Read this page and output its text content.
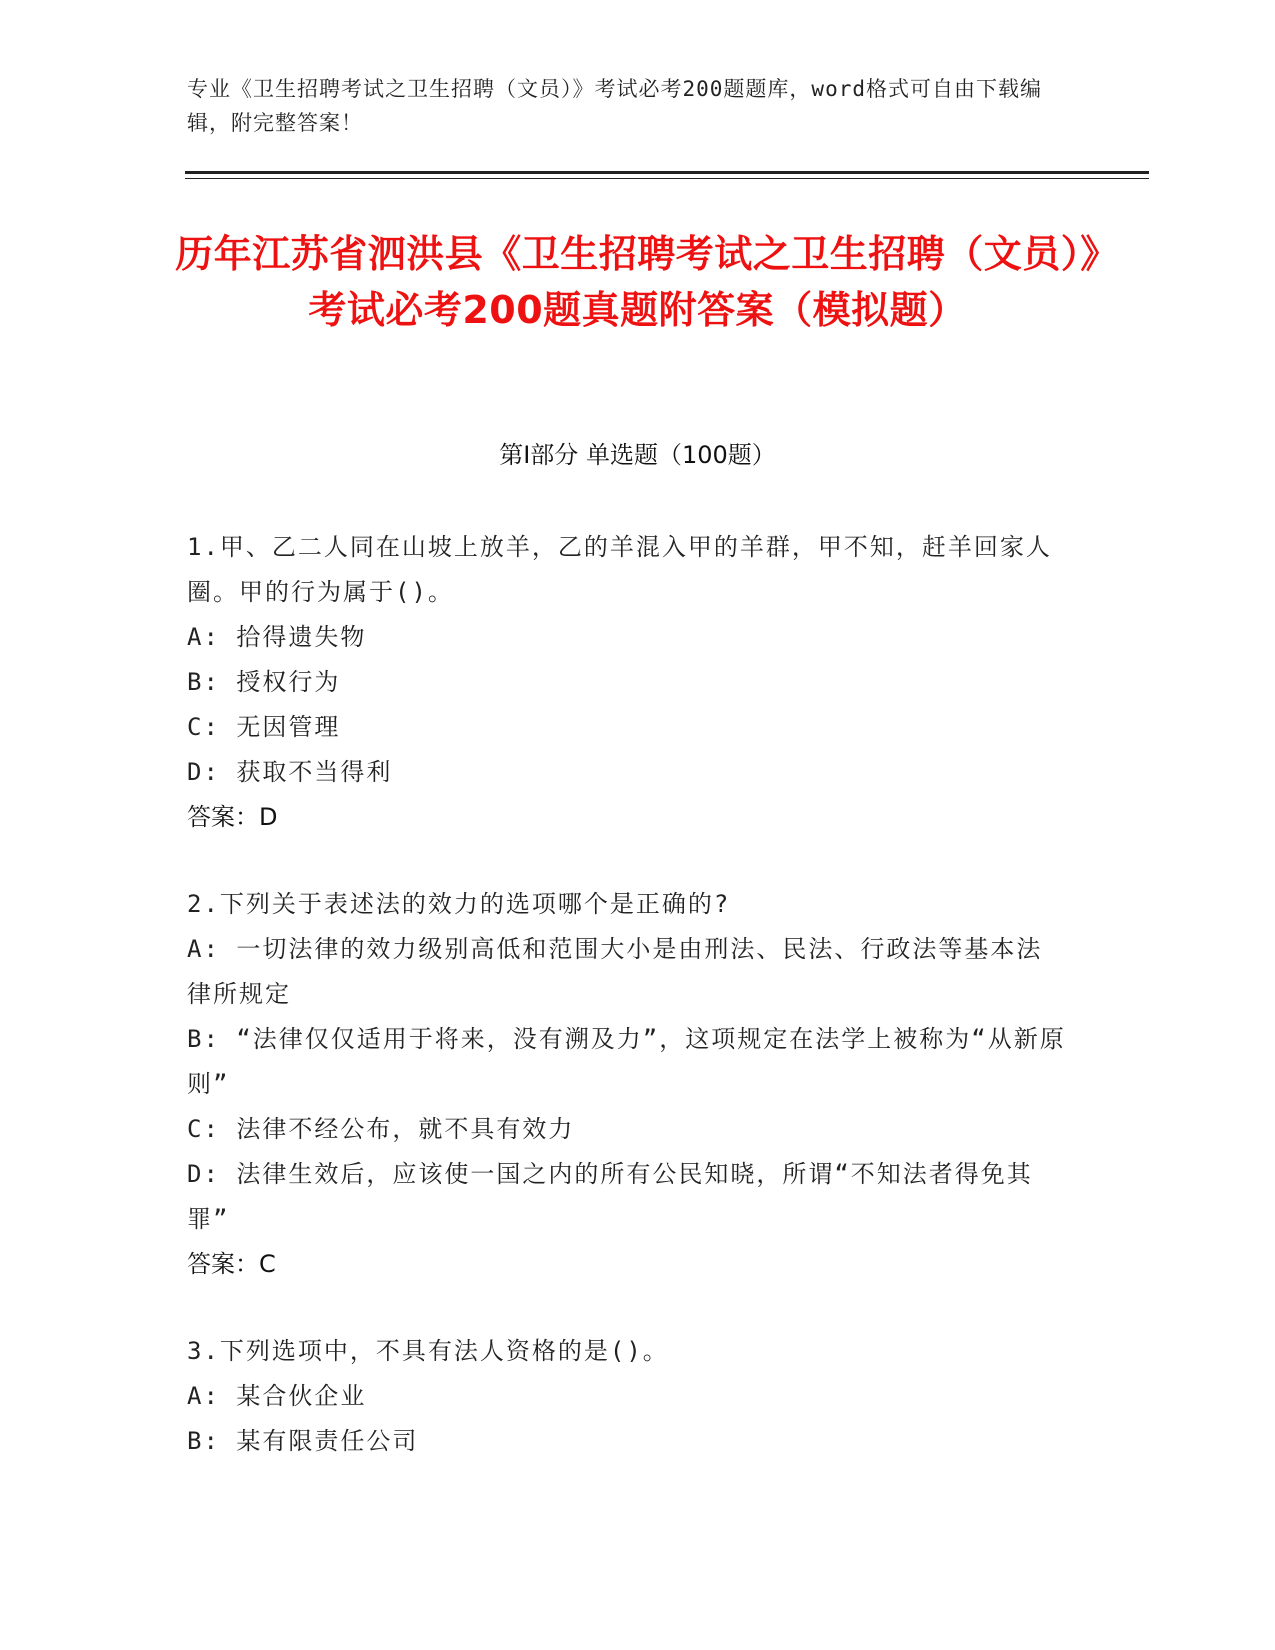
专业《卫生招聘考试之卫生招聘（文员）》考试必考200题题库，word格式可自由下载编辑，附完整答案！
历年江苏省泗洪县《卫生招聘考试之卫生招聘（文员）》考试必考200题真题附答案（模拟题）
第I部分 单选题（100题）
1.甲、乙二人同在山坡上放羊，乙的羊混入甲的羊群，甲不知，赶羊回家人圈。甲的行为属于()。
A: 拾得遗失物
B: 授权行为
C: 无因管理
D: 获取不当得利
答案：D
2.下列关于表述法的效力的选项哪个是正确的?
A: 一切法律的效力级别高低和范围大小是由刑法、民法、行政法等基本法律所规定
B: “法律仅仅适用于将来，没有溯及力”，这项规定在法学上被称为“从新原则”
C: 法律不经公布，就不具有效力
D: 法律生效后，应该使一国之内的所有公民知晓，所谓“不知法者得免其罪”
答案：C
3.下列选项中，不具有法人资格的是()。
A: 某合伙企业
B: 某有限责任公司
